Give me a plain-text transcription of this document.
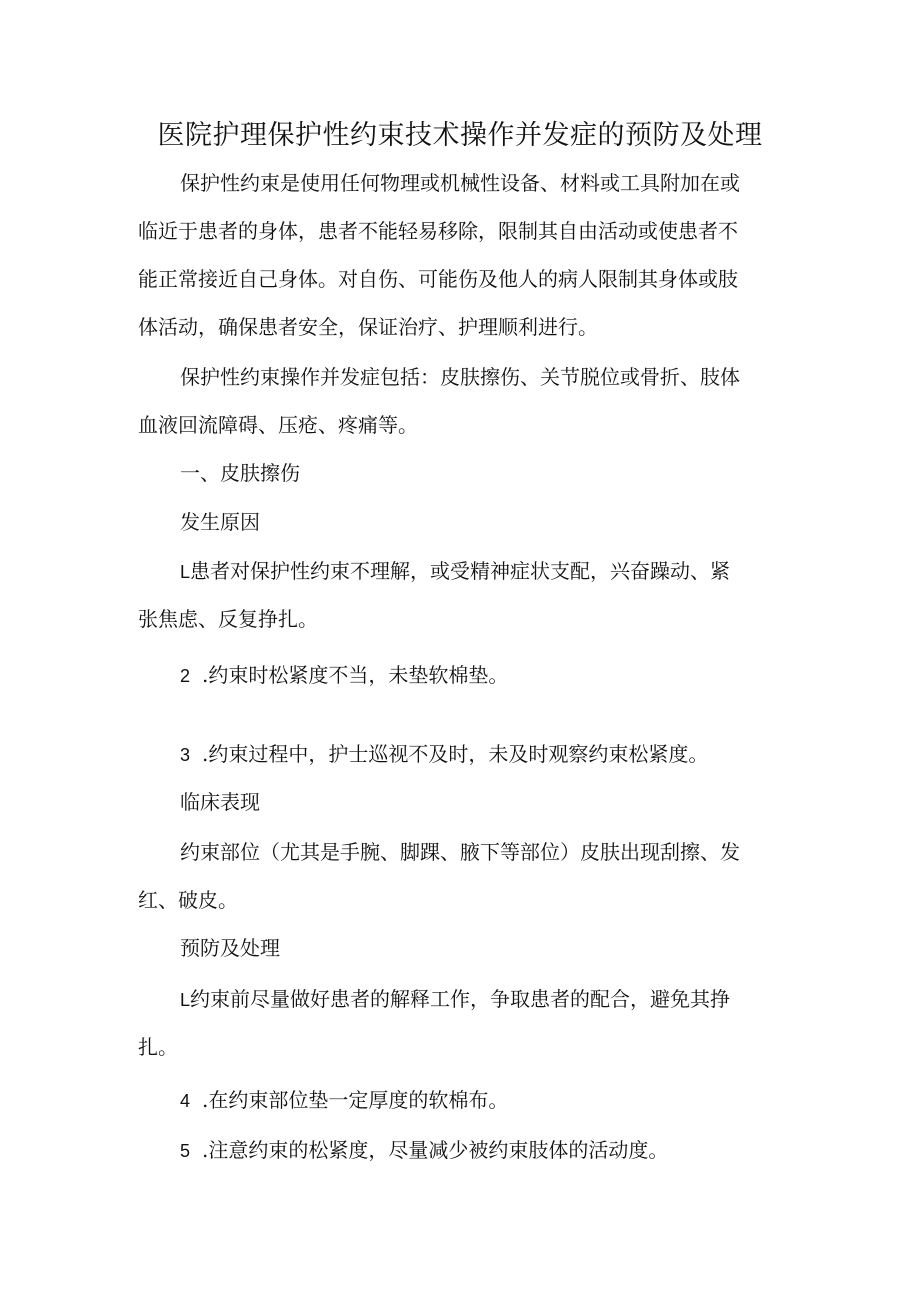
医院护理保护性约束技术操作并发症的预防及处理
保护性约束是使用任何物理或机械性设备、材料或工具附加在或
临近于患者的身体，患者不能轻易移除，限制其自由活动或使患者不
能正常接近自己身体。对自伤、可能伤及他人的病人限制其身体或肢
体活动，确保患者安全，保证治疗、护理顺利进行。
保护性约束操作并发症包括：皮肤擦伤、关节脱位或骨折、肢体
血液回流障碍、压疮、疼痛等。
一、皮肤擦伤
发生原因
L患者对保护性约束不理解，或受精神症状支配，兴奋躁动、紧
张焦虑、反复挣扎。
2 .约束时松紧度不当，未垫软棉垫。
3 .约束过程中，护士巡视不及时，未及时观察约束松紧度。
临床表现
约束部位（尤其是手腕、脚踝、腋下等部位）皮肤出现刮擦、发
红、破皮。
预防及处理
L约束前尽量做好患者的解释工作，争取患者的配合，避免其挣
扎。
4 .在约束部位垫一定厚度的软棉布。
5 .注意约束的松紧度，尽量减少被约束肢体的活动度。
